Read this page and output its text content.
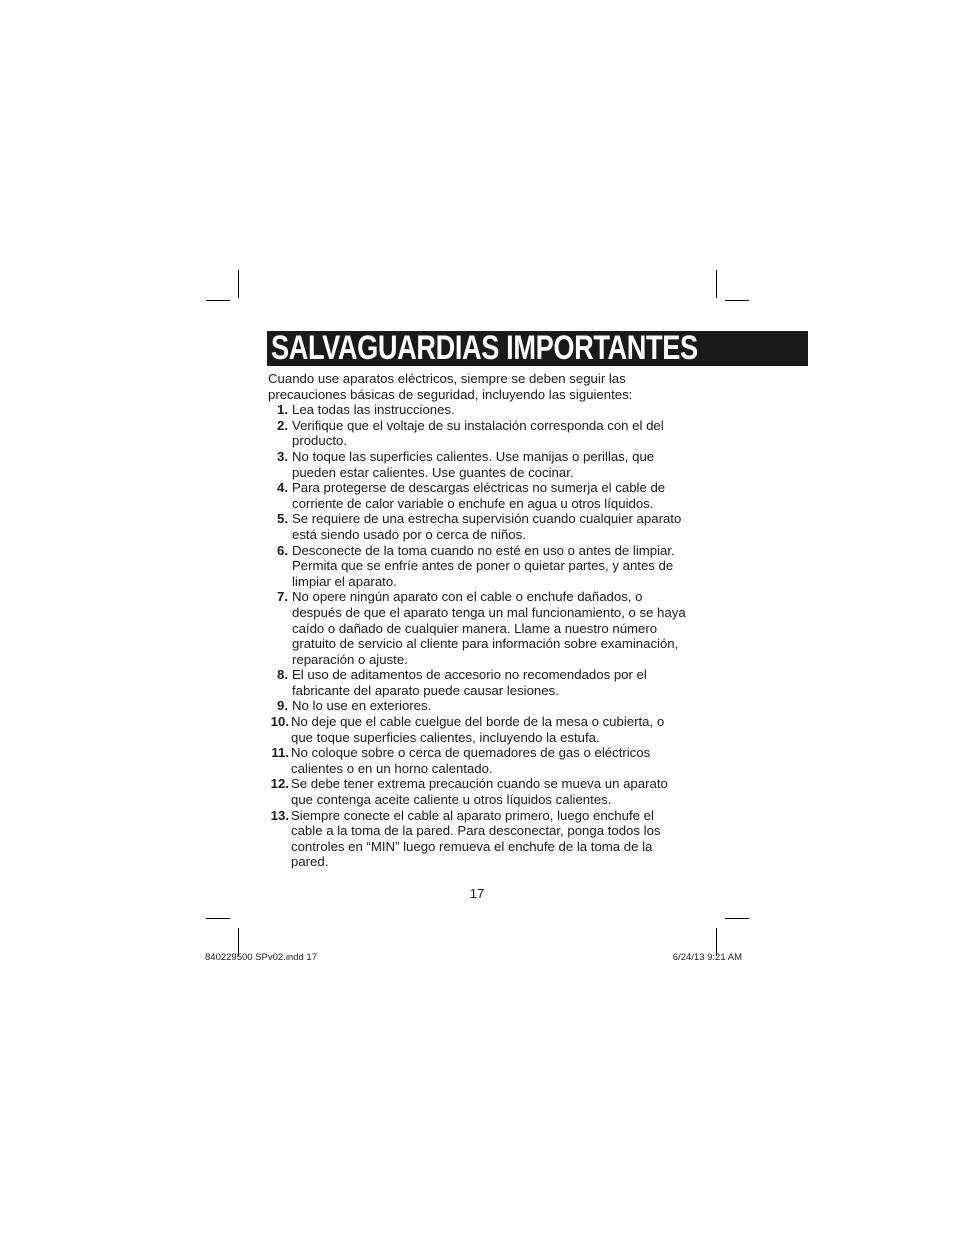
SALVAGUARDIAS IMPORTANTES

Cuando use aparatos eléctricos, siempre se deben seguir las precauciones básicas de seguridad, incluyendo las siguientes:

1. Lea todas las instrucciones.
2. Verifique que el voltaje de su instalación corresponda con el del producto.
3. No toque las superficies calientes. Use manijas o perillas, que pueden estar calientes. Use guantes de cocinar.
4. Para protegerse de descargas eléctricas no sumerja el cable de corriente de calor variable o enchufe en agua u otros líquidos.
5. Se requiere de una estrecha supervisión cuando cualquier aparato está siendo usado por o cerca de niños.
6. Desconecte de la toma cuando no esté en uso o antes de limpiar. Permita que se enfríe antes de poner o quietar partes, y antes de limpiar el aparato.
7. No opere ningún aparato con el cable o enchufe dañados, o después de que el aparato tenga un mal funcionamiento, o se haya caído o dañado de cualquier manera. Llame a nuestro número gratuito de servicio al cliente para información sobre examinación, reparación o ajuste.
8. El uso de aditamentos de accesorio no recomendados por el fabricante del aparato puede causar lesiones.
9. No lo use en exteriores.
10. No deje que el cable cuelgue del borde de la mesa o cubierta, o que toque superficies calientes, incluyendo la estufa.
11. No coloque sobre o cerca de quemadores de gas o eléctricos calientes o en un horno calentado.
12. Se debe tener extrema precaución cuando se mueva un aparato que contenga aceite caliente u otros líquidos calientes.
13. Siempre conecte el cable al aparato primero, luego enchufe el cable a la toma de la pared. Para desconectar, ponga todos los controles en “MIN” luego remueva el enchufe de la toma de la pared.
17
840229500 SPv02.indd 17	6/24/13 9:21 AM
